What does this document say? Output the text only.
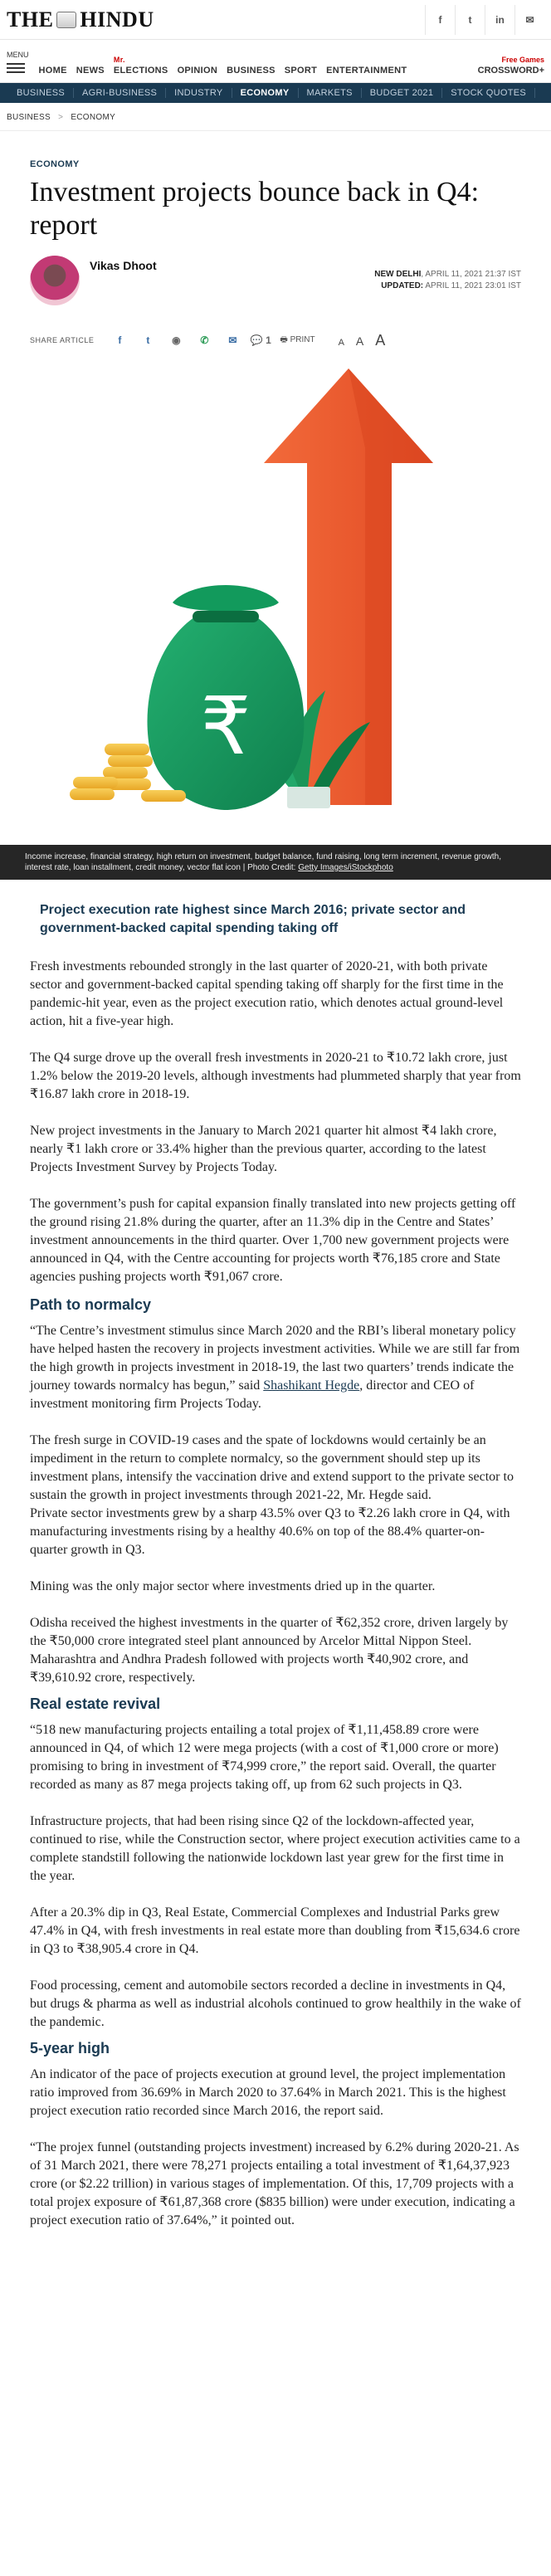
THE HINDU	f	t	in	✉
MENU
HOME NEWS
Mr.
ELECTIONS OPINION BUSINESS SPORT ENTERTAINMENT
Free Games
CROSSWORD+
BUSINESS	AGRI-BUSINESS	INDUSTRY	ECONOMY	MARKETS	BUDGET 2021	STOCK QUOTES
BUSINESS > ECONOMY
ECONOMY
Investment projects bounce back in Q4: report
Vikas Dhoot
NEW DELHI, APRIL 11, 2021 21:37 IST
UPDATED: APRIL 11, 2021 23:01 IST
SHARE ARTICLE	f	t	◉	✆	✉	💬 1	🖶 PRINT	A A A
₹
Income increase, financial strategy, high return on investment, budget balance, fund raising, long term increment, revenue growth, interest rate, loan installment, credit money, vector flat icon | Photo Credit: Getty Images/iStockphoto
Project execution rate highest since March 2016; private sector and government-backed capital spending taking off

Fresh investments rebounded strongly in the last quarter of 2020-21, with both private sector and government-backed capital spending taking off sharply for the first time in the pandemic-hit year, even as the project execution ratio, which denotes actual ground-level action, hit a five-year high.

The Q4 surge drove up the overall fresh investments in 2020-21 to ₹10.72 lakh crore, just 1.2% below the 2019-20 levels, although investments had plummeted sharply that year from ₹16.87 lakh crore in 2018-19.

New project investments in the January to March 2021 quarter hit almost ₹4 lakh crore, nearly ₹1 lakh crore or 33.4% higher than the previous quarter, according to the latest Projects Investment Survey by Projects Today.

The government’s push for capital expansion finally translated into new projects getting off the ground rising 21.8% during the quarter, after an 11.3% dip in the Centre and States’ investment announcements in the third quarter. Over 1,700 new government projects were announced in Q4, with the Centre accounting for projects worth ₹76,185 crore and State agencies pushing projects worth ₹91,067 crore.

Path to normalcy

“The Centre’s investment stimulus since March 2020 and the RBI’s liberal monetary policy have helped hasten the recovery in projects investment activities. While we are still far from the high growth in projects investment in 2018-19, the last two quarters’ trends indicate the journey towards normalcy has begun,” said Shashikant Hegde, director and CEO of investment monitoring firm Projects Today.

The fresh surge in COVID-19 cases and the spate of lockdowns would certainly be an impediment in the return to complete normalcy, so the government should step up its investment plans, intensify the vaccination drive and extend support to the private sector to sustain the growth in project investments through 2021-22, Mr. Hegde said.

Private sector investments grew by a sharp 43.5% over Q3 to ₹2.26 lakh crore in Q4, with manufacturing investments rising by a healthy 40.6% on top of the 88.4% quarter-on-quarter growth in Q3.

Mining was the only major sector where investments dried up in the quarter.

Odisha received the highest investments in the quarter of ₹62,352 crore, driven largely by the ₹50,000 crore integrated steel plant announced by Arcelor Mittal Nippon Steel. Maharashtra and Andhra Pradesh followed with projects worth ₹40,902 crore, and ₹39,610.92 crore, respectively.

Real estate revival

“518 new manufacturing projects entailing a total projex of ₹1,11,458.89 crore were announced in Q4, of which 12 were mega projects (with a cost of ₹1,000 crore or more) promising to bring in investment of ₹74,999 crore,” the report said. Overall, the quarter recorded as many as 87 mega projects taking off, up from 62 such projects in Q3.

Infrastructure projects, that had been rising since Q2 of the lockdown-affected year, continued to rise, while the Construction sector, where project execution activities came to a complete standstill following the nationwide lockdown last year grew for the first time in the year.

After a 20.3% dip in Q3, Real Estate, Commercial Complexes and Industrial Parks grew 47.4% in Q4, with fresh investments in real estate more than doubling from ₹15,634.6 crore in Q3 to ₹38,905.4 crore in Q4.

Food processing, cement and automobile sectors recorded a decline in investments in Q4, but drugs & pharma as well as industrial alcohols continued to grow healthily in the wake of the pandemic.

5-year high

An indicator of the pace of projects execution at ground level, the project implementation ratio improved from 36.69% in March 2020 to 37.64% in March 2021. This is the highest project execution ratio recorded since March 2016, the report said.

“The projex funnel (outstanding projects investment) increased by 6.2% during 2020-21. As of 31 March 2021, there were 78,271 projects entailing a total investment of ₹1,64,37,923 crore (or $2.22 trillion) in various stages of implementation. Of this, 17,709 projects with a total projex exposure of ₹61,87,368 crore ($835 billion) were under execution, indicating a project execution ratio of 37.64%,” it pointed out.
